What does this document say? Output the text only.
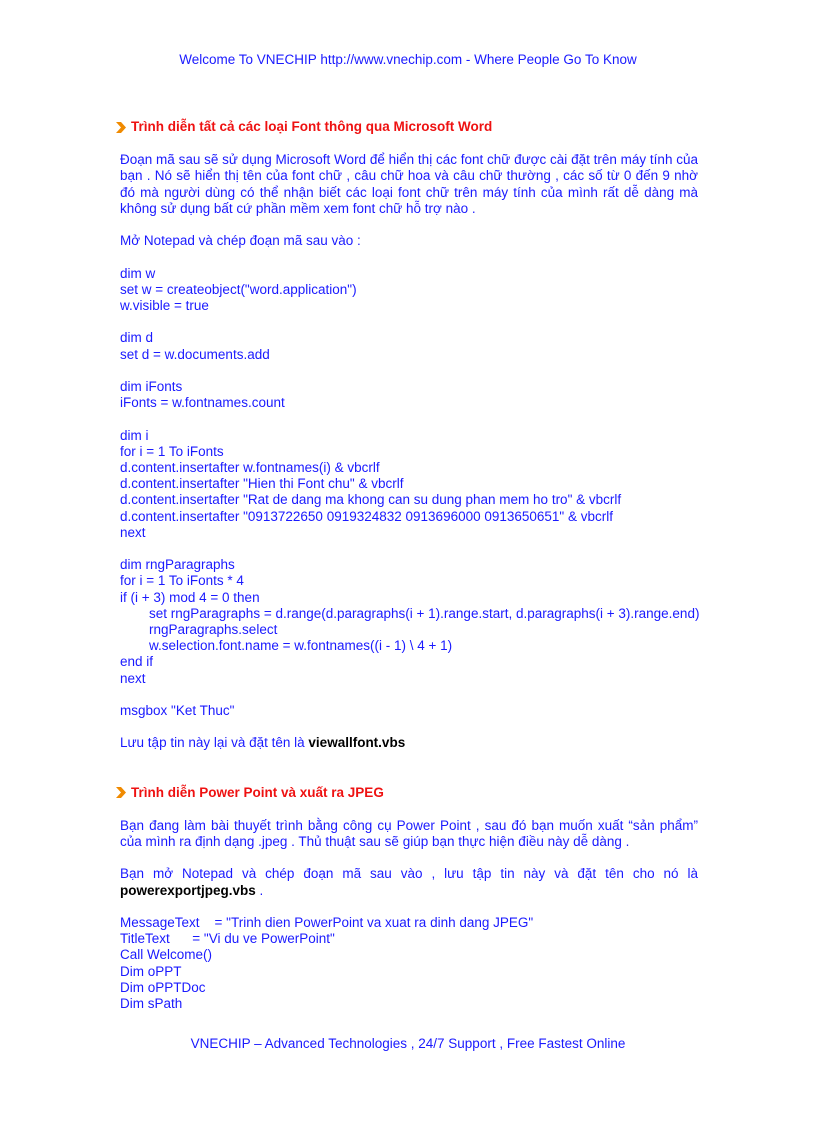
Welcome To VNECHIP http://www.vnechip.com - Where People Go To Know
Trình diễn tất cả các loại Font thông qua Microsoft Word

Đoạn mã sau sẽ sử dụng Microsoft Word để hiển thị các font chữ được cài đặt trên máy tính của bạn . Nó sẽ hiển thị tên của font chữ , câu chữ hoa và câu chữ thường , các số từ 0 đến 9 nhờ đó mà người dùng có thể nhận biết các loại font chữ trên máy tính của mình rất dễ dàng mà không sử dụng bất cứ phần mềm xem font chữ hỗ trợ nào .

Mở Notepad và chép đoạn mã sau vào :

dim w
set w = createobject("word.application")
w.visible = true
dim d
set d = w.documents.add
dim iFonts
iFonts = w.fontnames.count
dim i
for i = 1 To iFonts
d.content.insertafter w.fontnames(i) & vbcrlf
d.content.insertafter "Hien thi Font chu" & vbcrlf
d.content.insertafter "Rat de dang ma khong can su dung phan mem ho tro" & vbcrlf
d.content.insertafter "0913722650 0919324832 0913696000 0913650651" & vbcrlf
next
dim rngParagraphs
for i = 1 To iFonts * 4
if (i + 3) mod 4 = 0 then
set rngParagraphs = d.range(d.paragraphs(i + 1).range.start, d.paragraphs(i + 3).range.end)
rngParagraphs.select
w.selection.font.name = w.fontnames((i - 1) \ 4 + 1)
end if
next
msgbox "Ket Thuc"

Lưu tập tin này lại và đặt tên là viewallfont.vbs

Trình diễn Power Point và xuất ra JPEG

Bạn đang làm bài thuyết trình bằng công cụ Power Point , sau đó bạn muốn xuất “sản phẩm” của mình ra định dạng .jpeg . Thủ thuật sau sẽ giúp bạn thực hiện điều này dễ dàng .

Bạn mở Notepad và chép đoạn mã sau vào , lưu tập tin này và đặt tên cho nó là powerexportjpeg.vbs .

MessageText    = "Trinh dien PowerPoint va xuat ra dinh dang JPEG"
TitleText      = "Vi du ve PowerPoint"
Call Welcome()
Dim oPPT
Dim oPPTDoc
Dim sPath
VNECHIP – Advanced Technologies , 24/7 Support , Free Fastest Online
